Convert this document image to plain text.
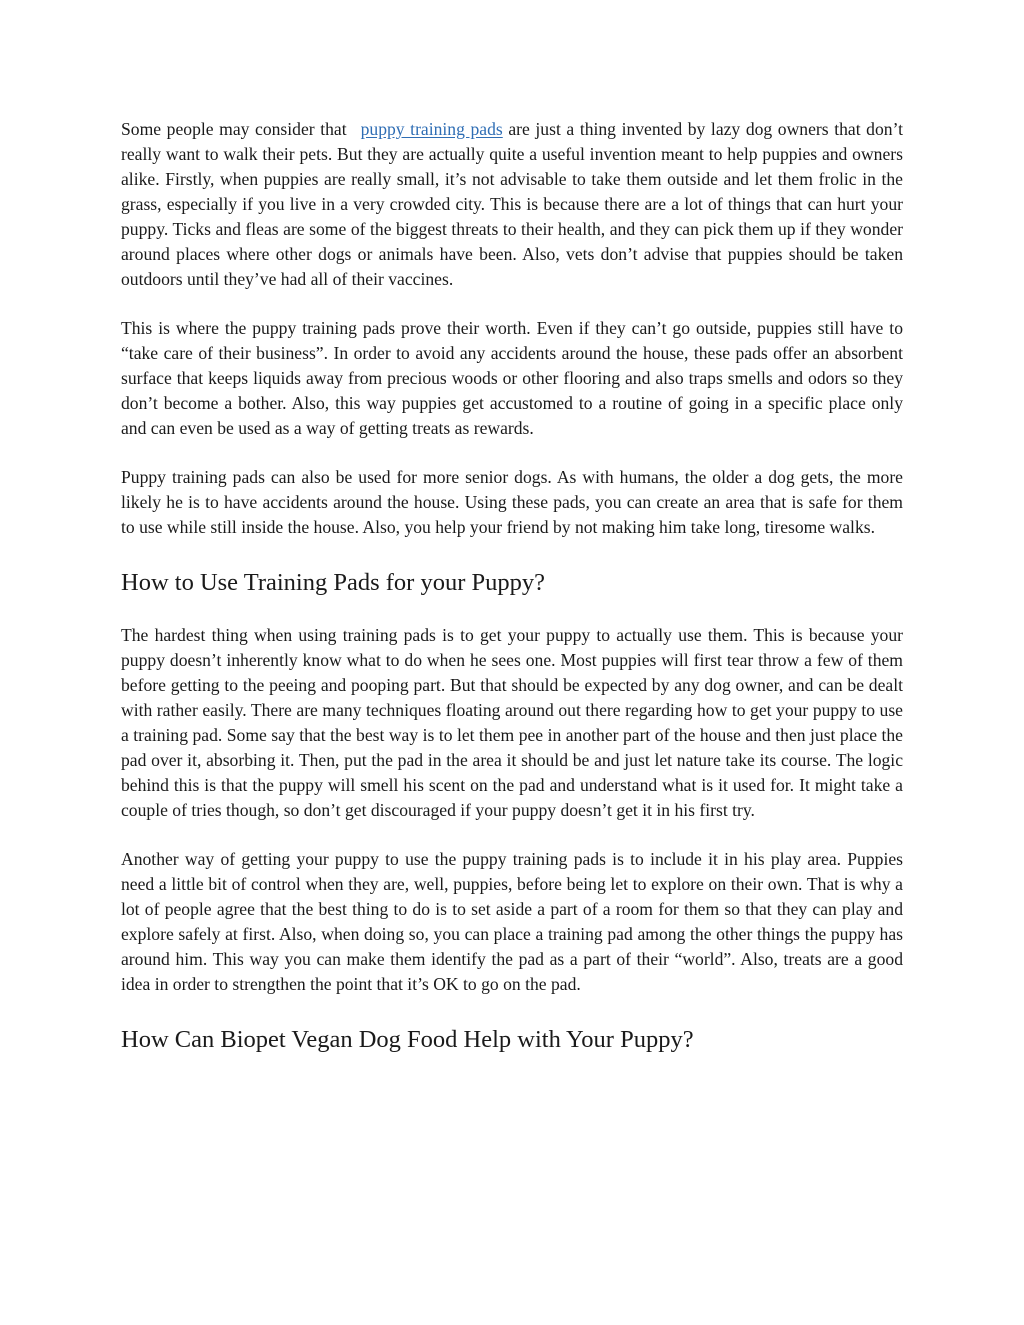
Some people may consider that puppy training pads are just a thing invented by lazy dog owners that don’t really want to walk their pets. But they are actually quite a useful invention meant to help puppies and owners alike. Firstly, when puppies are really small, it’s not advisable to take them outside and let them frolic in the grass, especially if you live in a very crowded city. This is because there are a lot of things that can hurt your puppy. Ticks and fleas are some of the biggest threats to their health, and they can pick them up if they wonder around places where other dogs or animals have been. Also, vets don’t advise that puppies should be taken outdoors until they’ve had all of their vaccines.

This is where the puppy training pads prove their worth. Even if they can’t go outside, puppies still have to “take care of their business”. In order to avoid any accidents around the house, these pads offer an absorbent surface that keeps liquids away from precious woods or other flooring and also traps smells and odors so they don’t become a bother. Also, this way puppies get accustomed to a routine of going in a specific place only and can even be used as a way of getting treats as rewards.

Puppy training pads can also be used for more senior dogs. As with humans, the older a dog gets, the more likely he is to have accidents around the house. Using these pads, you can create an area that is safe for them to use while still inside the house. Also, you help your friend by not making him take long, tiresome walks.

How to Use Training Pads for your Puppy?

The hardest thing when using training pads is to get your puppy to actually use them. This is because your puppy doesn’t inherently know what to do when he sees one. Most puppies will first tear throw a few of them before getting to the peeing and pooping part. But that should be expected by any dog owner, and can be dealt with rather easily. There are many techniques floating around out there regarding how to get your puppy to use a training pad. Some say that the best way is to let them pee in another part of the house and then just place the pad over it, absorbing it. Then, put the pad in the area it should be and just let nature take its course. The logic behind this is that the puppy will smell his scent on the pad and understand what is it used for. It might take a couple of tries though, so don’t get discouraged if your puppy doesn’t get it in his first try.

Another way of getting your puppy to use the puppy training pads is to include it in his play area. Puppies need a little bit of control when they are, well, puppies, before being let to explore on their own. That is why a lot of people agree that the best thing to do is to set aside a part of a room for them so that they can play and explore safely at first. Also, when doing so, you can place a training pad among the other things the puppy has around him. This way you can make them identify the pad as a part of their “world”. Also, treats are a good idea in order to strengthen the point that it’s OK to go on the pad.

How Can Biopet Vegan Dog Food Help with Your Puppy?
